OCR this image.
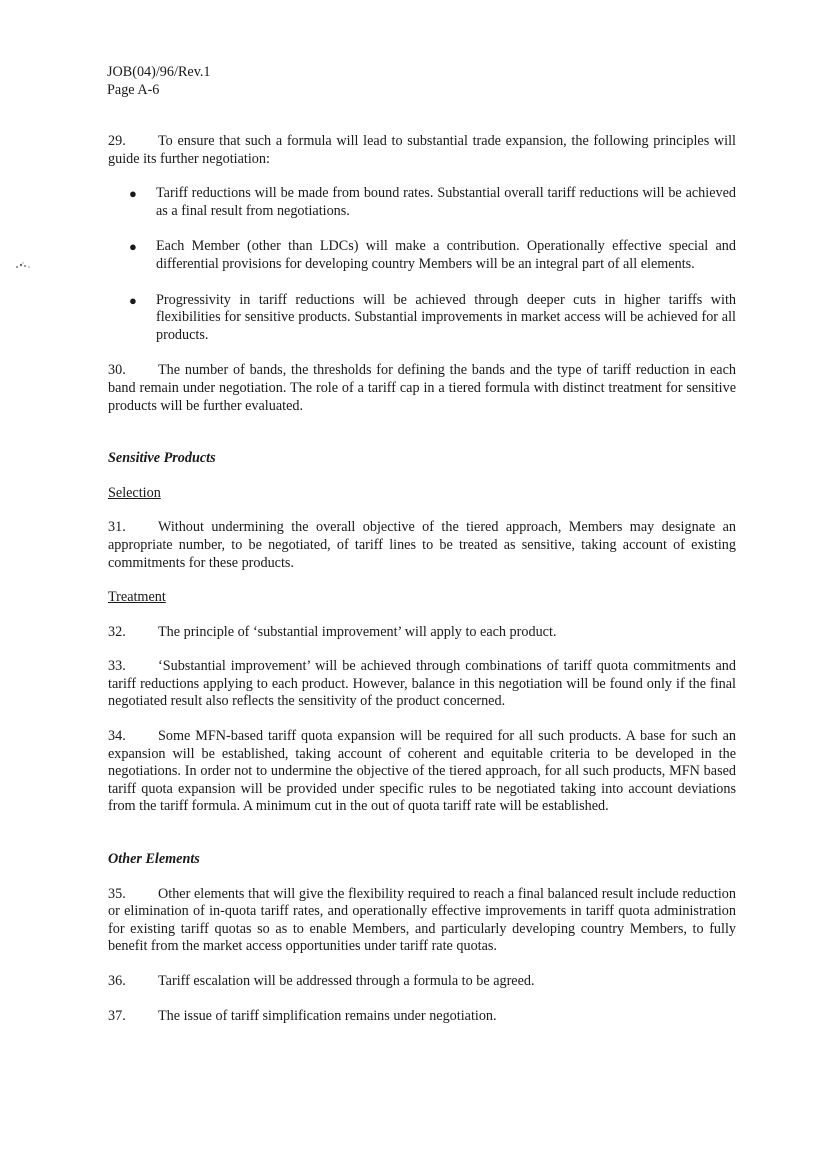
JOB(04)/96/Rev.1
Page A-6

29. To ensure that such a formula will lead to substantial trade expansion, the following principles will guide its further negotiation:

● Tariff reductions will be made from bound rates. Substantial overall tariff reductions will be achieved as a final result from negotiations.
● Each Member (other than LDCs) will make a contribution. Operationally effective special and differential provisions for developing country Members will be an integral part of all elements.
● Progressivity in tariff reductions will be achieved through deeper cuts in higher tariffs with flexibilities for sensitive products. Substantial improvements in market access will be achieved for all products.

30. The number of bands, the thresholds for defining the bands and the type of tariff reduction in each band remain under negotiation. The role of a tariff cap in a tiered formula with distinct treatment for sensitive products will be further evaluated.

Sensitive Products

Selection

31. Without undermining the overall objective of the tiered approach, Members may designate an appropriate number, to be negotiated, of tariff lines to be treated as sensitive, taking account of existing commitments for these products.

Treatment

32. The principle of ‘substantial improvement’ will apply to each product.

33. ‘Substantial improvement’ will be achieved through combinations of tariff quota commitments and tariff reductions applying to each product. However, balance in this negotiation will be found only if the final negotiated result also reflects the sensitivity of the product concerned.

34. Some MFN-based tariff quota expansion will be required for all such products. A base for such an expansion will be established, taking account of coherent and equitable criteria to be developed in the negotiations. In order not to undermine the objective of the tiered approach, for all such products, MFN based tariff quota expansion will be provided under specific rules to be negotiated taking into account deviations from the tariff formula. A minimum cut in the out of quota tariff rate will be established.

Other Elements

35. Other elements that will give the flexibility required to reach a final balanced result include reduction or elimination of in-quota tariff rates, and operationally effective improvements in tariff quota administration for existing tariff quotas so as to enable Members, and particularly developing country Members, to fully benefit from the market access opportunities under tariff rate quotas.

36. Tariff escalation will be addressed through a formula to be agreed.

37. The issue of tariff simplification remains under negotiation.
